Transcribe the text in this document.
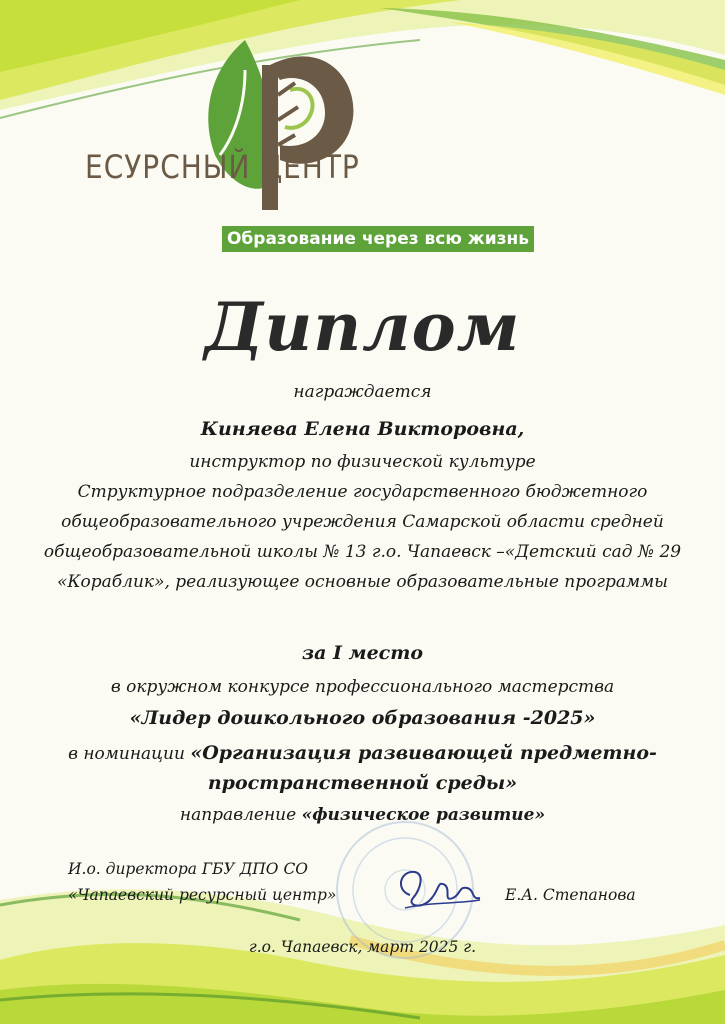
ЕСУРСНЫЙ ЦЕНТР
Образование через всю жизнь
Диплом
награждается
Киняева Елена Викторовна,
инструктор по физической культуре
Структурное подразделение государственного бюджетного
общеобразовательного учреждения Самарской области средней
общеобразовательной школы № 13 г.о. Чапаевск –«Детский сад № 29
«Кораблик», реализующее основные образовательные программы
за I место
в окружном конкурсе профессионального мастерства
«Лидер дошкольного образования -2025»
в номинации «Организация развивающей предметно-
пространственной среды»
направление «физическое развитие»
И.о. директора ГБУ ДПО СО
«Чапаевский ресурсный центр»	Е.А. Степанова
г.о. Чапаевск, март 2025 г.
